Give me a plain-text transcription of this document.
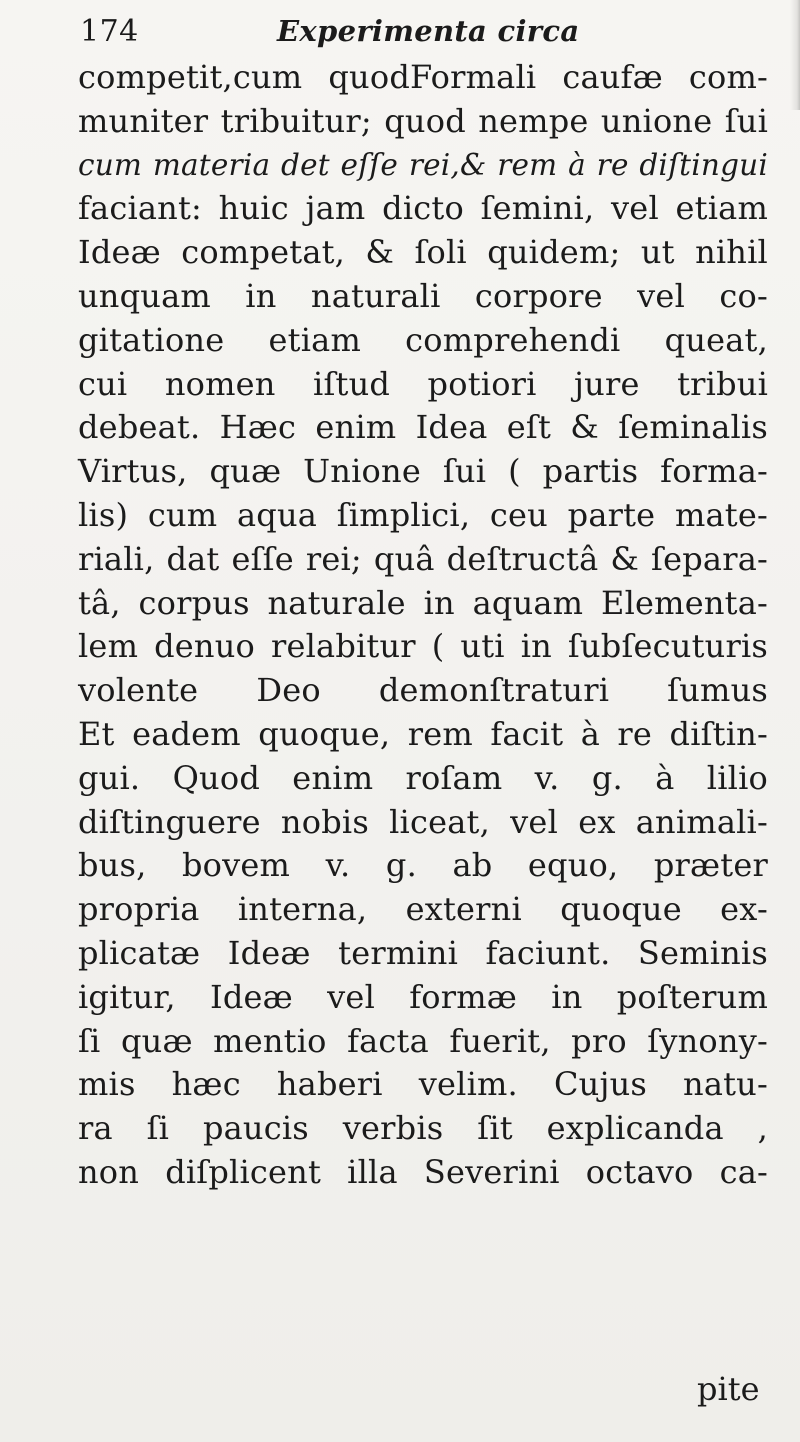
174	Experimenta circa
competit,cum quodFormali caufæ com-
muniter tribuitur; quod nempe unione ſui
cum materia det eſſe rei,& rem à re diſtingui
faciant: huic jam dicto ſemini, vel etiam
Ideæ competat, & ſoli quidem; ut nihil
unquam in naturali corpore vel co-
gitatione etiam comprehendi queat,
cui nomen iſtud potiori jure tribui
debeat. Hæc enim Idea eſt & ſeminalis
Virtus, quæ Unione ſui ( partis forma-
lis) cum aqua ſimplici, ceu parte mate-
riali, dat eſſe rei; quâ deſtructâ & ſepara-
tâ, corpus naturale in aquam Elementa-
lem denuo relabitur ( uti in ſubſecuturis
volente Deo demonſtraturi ſumus
Et eadem quoque, rem facit à re diſtin-
gui. Quod enim roſam v. g. à lilio
diſtinguere nobis liceat, vel ex animali-
bus, bovem v. g. ab equo, præter
propria interna, externi quoque ex-
plicatæ Ideæ termini faciunt. Seminis
igitur, Ideæ vel formæ in poſterum
ſi quæ mentio facta fuerit, pro ſynony-
mis hæc haberi velim. Cujus natu-
ra ſi paucis verbis ſit explicanda ,
non diſplicent illa Severini octavo ca-
pite
